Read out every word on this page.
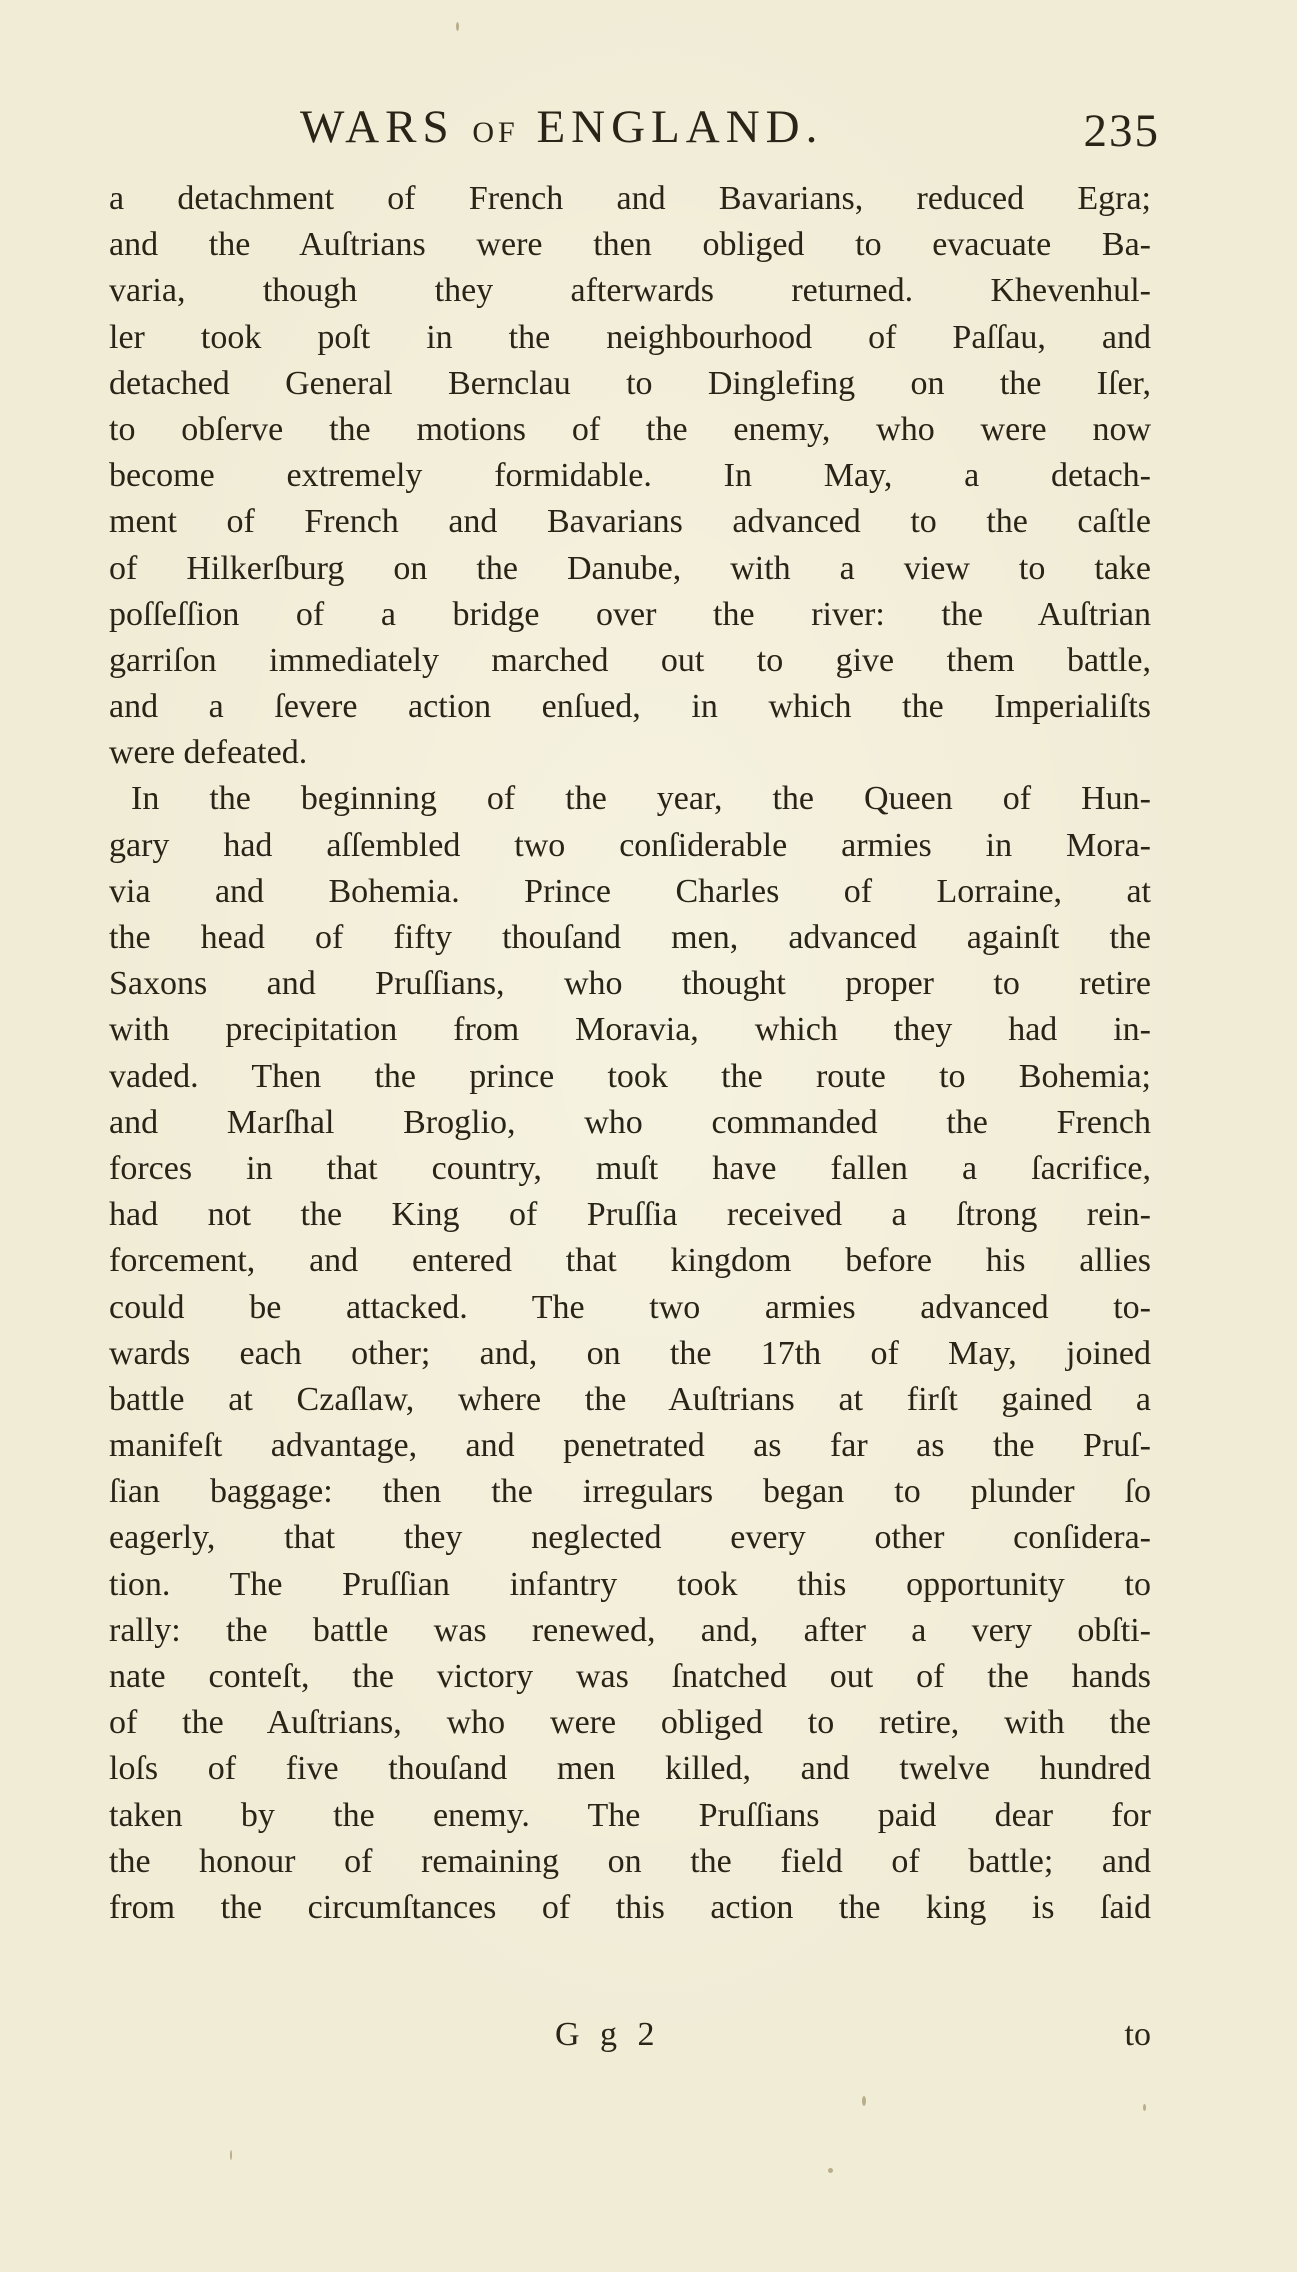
WARS OF ENGLAND.	235
a detachment of French and Bavarians, reduced Egra;
and the Auſtrians were then obliged to evacuate Ba-
varia, though they afterwards returned. Khevenhul-
ler took poſt in the neighbourhood of Paſſau, and
detached General Bernclau to Dinglefing on the Iſer,
to obſerve the motions of the enemy, who were now
become extremely formidable. In May, a detach-
ment of French and Bavarians advanced to the caſtle
of Hilkerſburg on the Danube, with a view to take
poſſeſſion of a bridge over the river: the Auſtrian
garriſon immediately marched out to give them battle,
and a ſevere action enſued, in which the Imperialiſts
were defeated.
In the beginning of the year, the Queen of Hun-
gary had aſſembled two conſiderable armies in Mora-
via and Bohemia. Prince Charles of Lorraine, at
the head of fifty thouſand men, advanced againſt the
Saxons and Pruſſians, who thought proper to retire
with precipitation from Moravia, which they had in-
vaded. Then the prince took the route to Bohemia;
and Marſhal Broglio, who commanded the French
forces in that country, muſt have fallen a ſacrifice,
had not the King of Pruſſia received a ſtrong rein-
forcement, and entered that kingdom before his allies
could be attacked. The two armies advanced to-
wards each other; and, on the 17th of May, joined
battle at Czaſlaw, where the Auſtrians at firſt gained a
manifeſt advantage, and penetrated as far as the Pruſ-
ſian baggage: then the irregulars began to plunder ſo
eagerly, that they neglected every other conſidera-
tion. The Pruſſian infantry took this opportunity to
rally: the battle was renewed, and, after a very obſti-
nate conteſt, the victory was ſnatched out of the hands
of the Auſtrians, who were obliged to retire, with the
loſs of five thouſand men killed, and twelve hundred
taken by the enemy. The Pruſſians paid dear for
the honour of remaining on the field of battle; and
from the circumſtances of this action the king is ſaid
G g 2	to
